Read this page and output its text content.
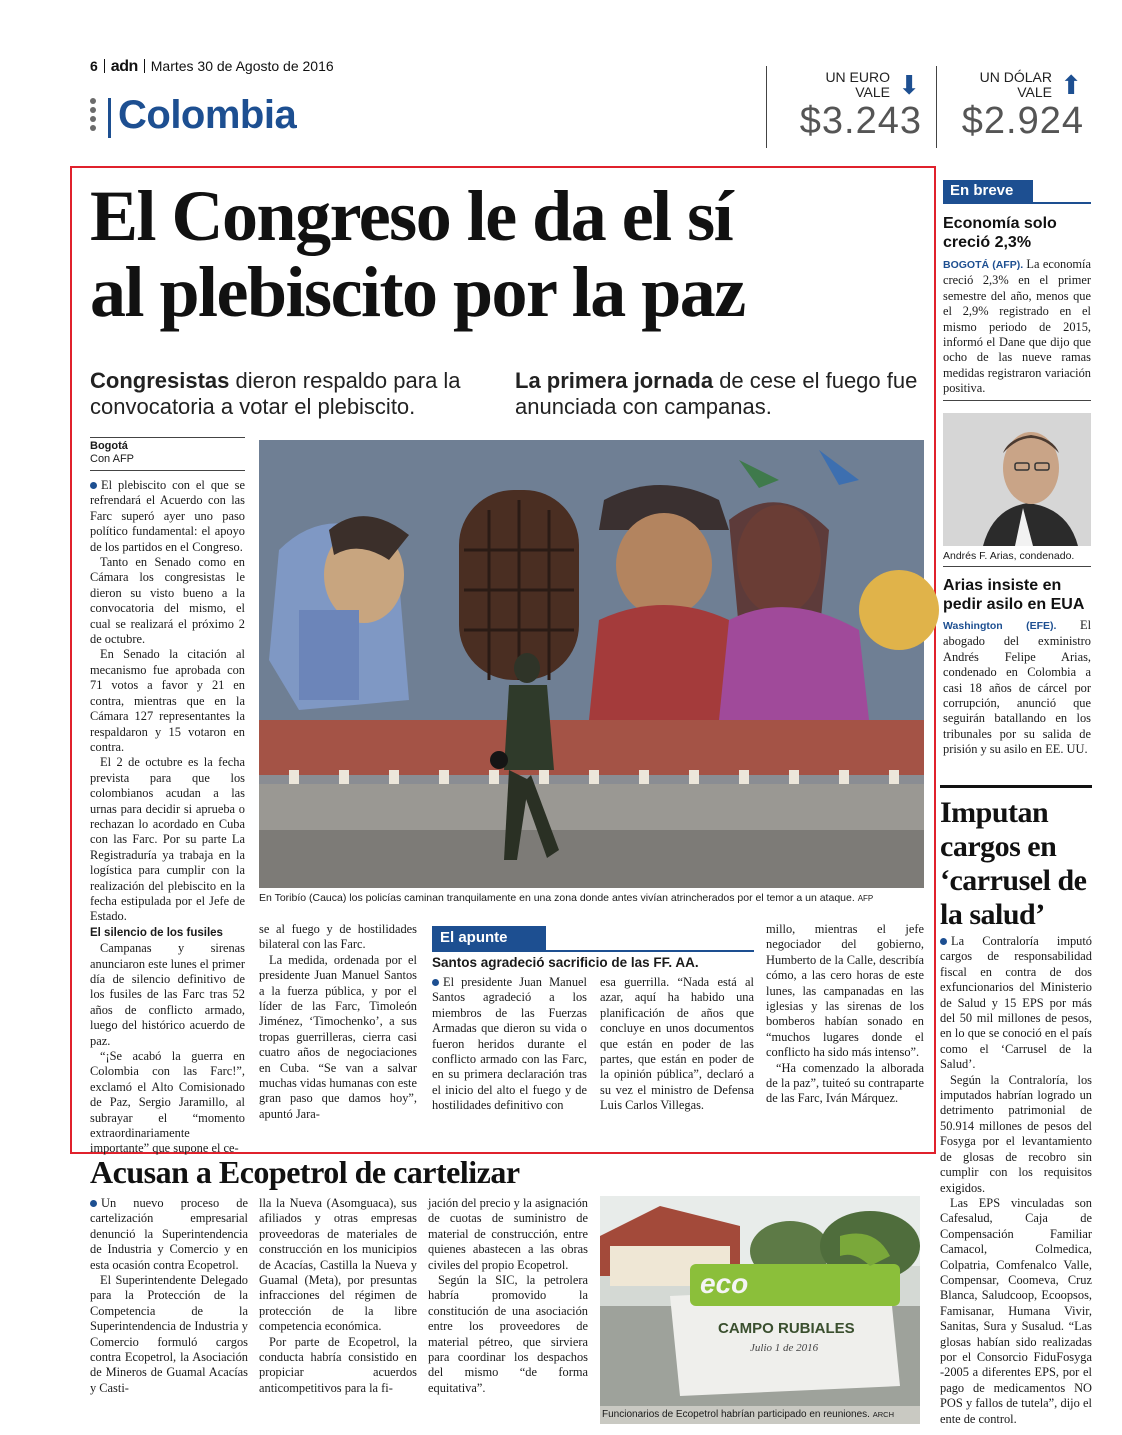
6 adn Martes 30 de Agosto de 2016
Colombia
UN EURO
VALE ⬇
$3.243
UN DÓLAR
VALE ⬆
$2.924
El Congreso le da el sí
al plebiscito por la paz
Congresistas dieron respaldo para la convocatoria a votar el plebiscito.
La primera jornada de cese el fuego fue anunciada con campanas.
Bogotá
Con AFP

El plebiscito con el que se refrendará el Acuerdo con las Farc superó ayer uno paso político fundamental: el apoyo de los partidos en el Congreso.

Tanto en Senado como en Cámara los congresistas le dieron su visto bueno a la convocatoria del mismo, el cual se realizará el próximo 2 de octubre.

En Senado la citación al mecanismo fue aprobada con 71 votos a favor y 21 en contra, mientras que en la Cámara 127 representantes la respaldaron y 15 votaron en contra.

El 2 de octubre es la fecha prevista para que los colombianos acudan a las urnas para decidir si aprueba o rechazan lo acordado en Cuba con las Farc. Por su parte La Registraduría ya trabaja en la logística para cumplir con la realización del plebiscito en la fecha estipulada por el Jefe de Estado.

El silencio de los fusiles

Campanas y sirenas anunciaron este lunes el primer día de silencio definitivo de los fusiles de las Farc tras 52 años de conflicto armado, luego del histórico acuerdo de paz.

“¡Se acabó la guerra en Colombia con las Farc!”, exclamó el Alto Comisionado de Paz, Sergio Jaramillo, al subrayar el “momento extraordinariamente importante” que supone el ce-

En Toribío (Cauca) los policías caminan tranquilamente en una zona donde antes vivían atrincherados por el temor a un ataque. AFP

se al fuego y de hostilidades bilateral con las Farc.

La medida, ordenada por el presidente Juan Manuel Santos a la fuerza pública, y por el líder de las Farc, Timoleón Jiménez, ‘Timochenko’, a sus tropas guerrilleras, cierra casi cuatro años de negociaciones en Cuba. “Se van a salvar muchas vidas humanas con este gran paso que damos hoy”, apuntó Jara-

El apunte
Santos agradeció sacrificio de las FF. AA.

El presidente Juan Manuel Santos agradeció a los miembros de las Fuerzas Armadas que dieron su vida o fueron heridos durante el conflicto armado con las Farc, en su primera declaración tras el inicio del alto el fuego y de hostilidades definitivo con

esa guerrilla. “Nada está al azar, aquí ha habido una planificación de años que concluye en unos documentos que están en poder de las partes, que están en poder de la opinión pública”, declaró a su vez el ministro de Defensa Luis Carlos Villegas.

millo, mientras el jefe negociador del gobierno, Humberto de la Calle, describía cómo, a las cero horas de este lunes, las campanadas en las iglesias y las sirenas de los bomberos habían sonado en “muchos lugares donde el conflicto ha sido más intenso”.

“Ha comenzado la alborada de la paz”, tuiteó su contraparte de las Farc, Iván Márquez.

En breve
Economía solo creció 2,3%

BOGOTÁ (AFP). La economía creció 2,3% en el primer semestre del año, menos que el 2,9% registrado en el mismo periodo de 2015, informó el Dane que dijo que ocho de las nueve ramas medidas registraron variación positiva.

Andrés F. Arias, condenado.
Arias insiste en pedir asilo en EUA

Washington (EFE). El abogado del exministro Andrés Felipe Arias, condenado en Colombia a casi 18 años de cárcel por corrupción, anunció que seguirán batallando en los tribunales por su salida de prisión y su asilo en EE. UU.

Imputan cargos en ‘carrusel de la salud’

La Contraloría imputó cargos de responsabilidad fiscal en contra de dos exfuncionarios del Ministerio de Salud y 15 EPS por más del 50 mil millones de pesos, en lo que se conoció en el país como el ‘Carrusel de la Salud’.

Según la Contraloría, los imputados habrían logrado un detrimento patrimonial de 50.914 millones de pesos del Fosyga por el levantamiento de glosas de recobro sin cumplir con los requisitos exigidos.

Las EPS vinculadas son Cafesalud, Caja de Compensación Familiar Camacol, Colmedica, Colpatria, Comfenalco Valle, Compensar, Coomeva, Cruz Blanca, Saludcoop, Ecoopsos, Famisanar, Humana Vivir, Sanitas, Sura y Susalud. “Las glosas habían sido realizadas por el Consorcio FiduFosyga -2005 a diferentes EPS, por el pago de medicamentos NO POS y fallos de tutela”, dijo el ente de control.

Acusan a Ecopetrol de cartelizar

Un nuevo proceso de cartelización empresarial denunció la Superintendencia de Industria y Comercio y en esta ocasión contra Ecopetrol.

El Superintendente Delegado para la Protección de la Competencia de la Superintendencia de Industria y Comercio formuló cargos contra Ecopetrol, la Asociación de Mineros de Guamal Acacías y Casti-

lla la Nueva (Asomguaca), sus afiliados y otras empresas proveedoras de materiales de construcción en los municipios de Acacías, Castilla la Nueva y Guamal (Meta), por presuntas infracciones del régimen de protección de la libre competencia económica.

Por parte de Ecopetrol, la conducta habría consistido en propiciar acuerdos anticompetitivos para la fi-

jación del precio y la asignación de cuotas de suministro de material de construcción, entre quienes abastecen a las obras civiles del propio Ecopetrol.

Según la SIC, la petrolera habría promovido la constitución de una asociación entre los proveedores de material pétreo, que sirviera para coordinar los despachos del mismo “de forma equitativa”.

eco
CAMPO RUBIALES
Julio 1 de 2016
Funcionarios de Ecopetrol habrían participado en reuniones. ARCH
